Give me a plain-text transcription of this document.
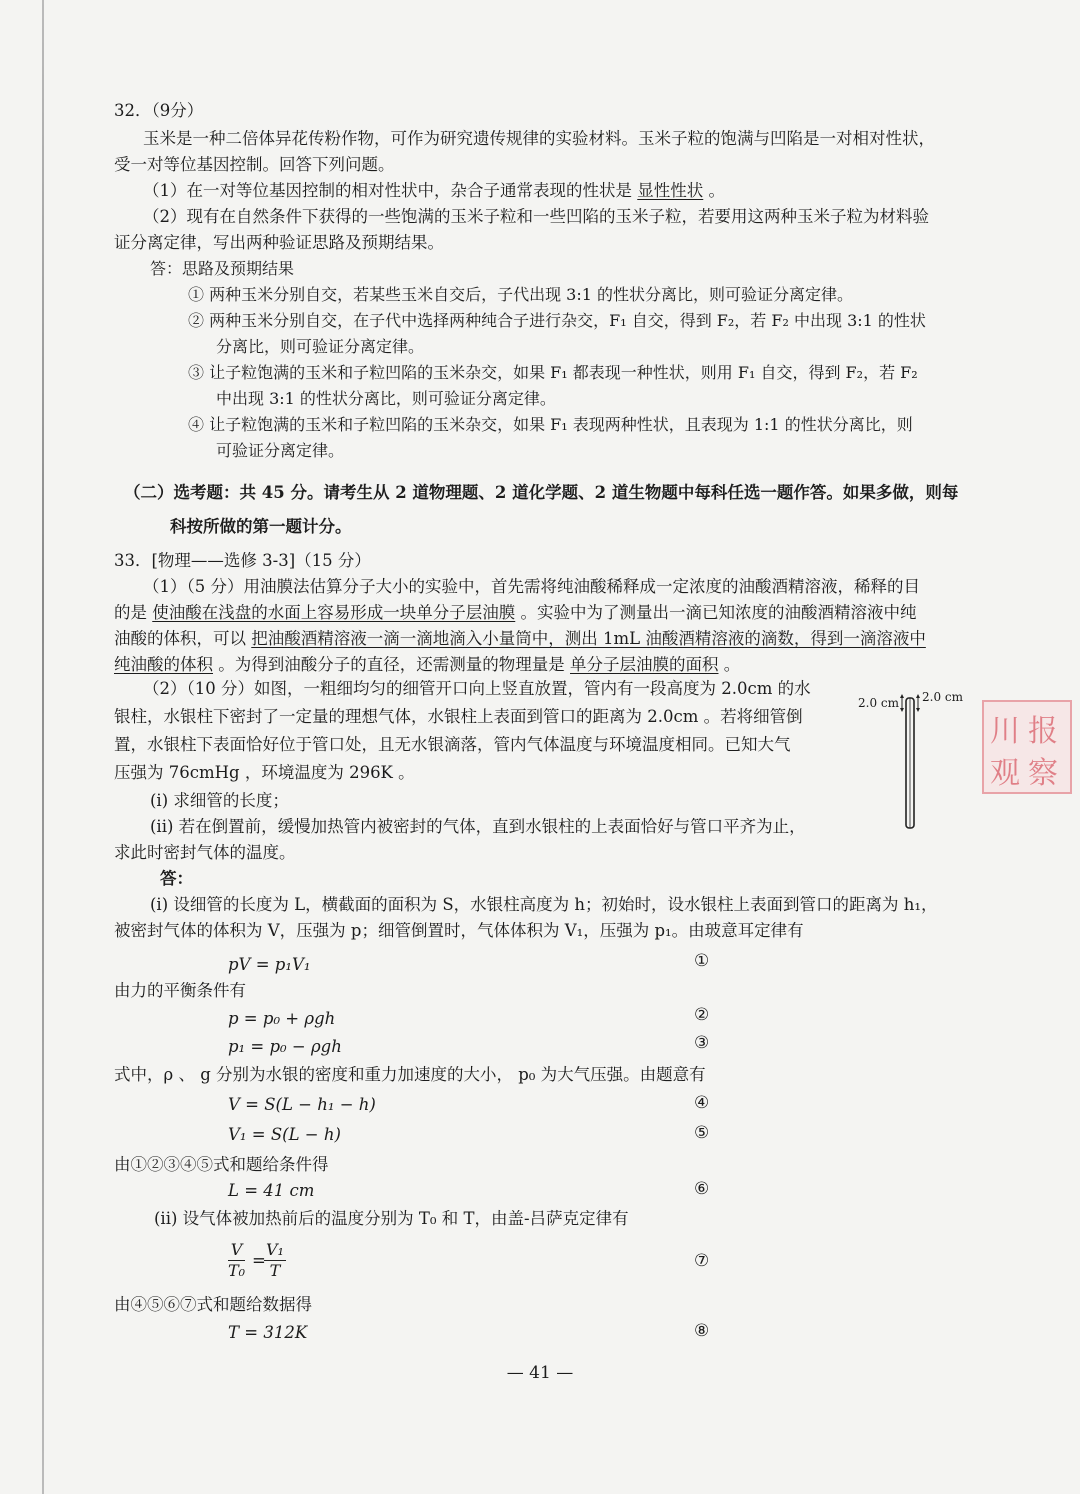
32．（9分）
玉米是一种二倍体异花传粉作物，可作为研究遗传规律的实验材料。玉米子粒的饱满与凹陷是一对相对性状，
受一对等位基因控制。回答下列问题。
（1）在一对等位基因控制的相对性状中，杂合子通常表现的性状是 显性性状 。
（2）现有在自然条件下获得的一些饱满的玉米子粒和一些凹陷的玉米子粒，若要用这两种玉米子粒为材料验
证分离定律，写出两种验证思路及预期结果。
答：思路及预期结果
① 两种玉米分别自交，若某些玉米自交后，子代出现 3:1 的性状分离比，则可验证分离定律。
② 两种玉米分别自交，在子代中选择两种纯合子进行杂交，F₁ 自交，得到 F₂，若 F₂ 中出现 3:1 的性状
分离比，则可验证分离定律。
③ 让子粒饱满的玉米和子粒凹陷的玉米杂交，如果 F₁ 都表现一种性状，则用 F₁ 自交，得到 F₂，若 F₂
中出现 3:1 的性状分离比，则可验证分离定律。
④ 让子粒饱满的玉米和子粒凹陷的玉米杂交，如果 F₁ 表现两种性状，且表现为 1:1 的性状分离比，则
可验证分离定律。
（二）选考题：共 45 分。请考生从 2 道物理题、2 道化学题、2 道生物题中每科任选一题作答。如果多做，则每
科按所做的第一题计分。
33．[物理——选修 3-3]（15 分）
（1）（5 分）用油膜法估算分子大小的实验中，首先需将纯油酸稀释成一定浓度的油酸酒精溶液，稀释的目
的是 使油酸在浅盘的水面上容易形成一块单分子层油膜 。实验中为了测量出一滴已知浓度的油酸酒精溶液中纯
油酸的体积，可以 把油酸酒精溶液一滴一滴地滴入小量筒中，测出 1mL 油酸酒精溶液的滴数，得到一滴溶液中
纯油酸的体积 。为得到油酸分子的直径，还需测量的物理量是 单分子层油膜的面积 。
（2）（10 分）如图，一粗细均匀的细管开口向上竖直放置，管内有一段高度为 2.0cm 的水
银柱，水银柱下密封了一定量的理想气体，水银柱上表面到管口的距离为 2.0cm 。若将细管倒
置，水银柱下表面恰好位于管口处，且无水银滴落，管内气体温度与环境温度相同。已知大气
压强为 76cmHg ，环境温度为 296K 。
(i) 求细管的长度；
(ii) 若在倒置前，缓慢加热管内被密封的气体，直到水银柱的上表面恰好与管口平齐为止，
求此时密封气体的温度。
答：
(i) 设细管的长度为 L，横截面的面积为 S，水银柱高度为 h；初始时，设水银柱上表面到管口的距离为 h₁，
被密封气体的体积为 V，压强为 p；细管倒置时，气体体积为 V₁，压强为 p₁。由玻意耳定律有
pV = p₁V₁	①
由力的平衡条件有
p = p₀ + ρgh	②
p₁ = p₀ − ρgh	③
式中，ρ 、 g 分别为水银的密度和重力加速度的大小， p₀ 为大气压强。由题意有
V = S(L − h₁ − h)	④
V₁ = S(L − h)	⑤
由①②③④⑤式和题给条件得
L = 41 cm	⑥
(ii) 设气体被加热前后的温度分别为 T₀ 和 T，由盖-吕萨克定律有
$\frac{V}{\text{T₀}}$ =
$\frac{\text{V₁}}{T}$	⑦
由④⑤⑥⑦式和题给数据得
T = 312K	⑧
2.0 cm 2.0 cm
川 报
观 察
— 41 —
